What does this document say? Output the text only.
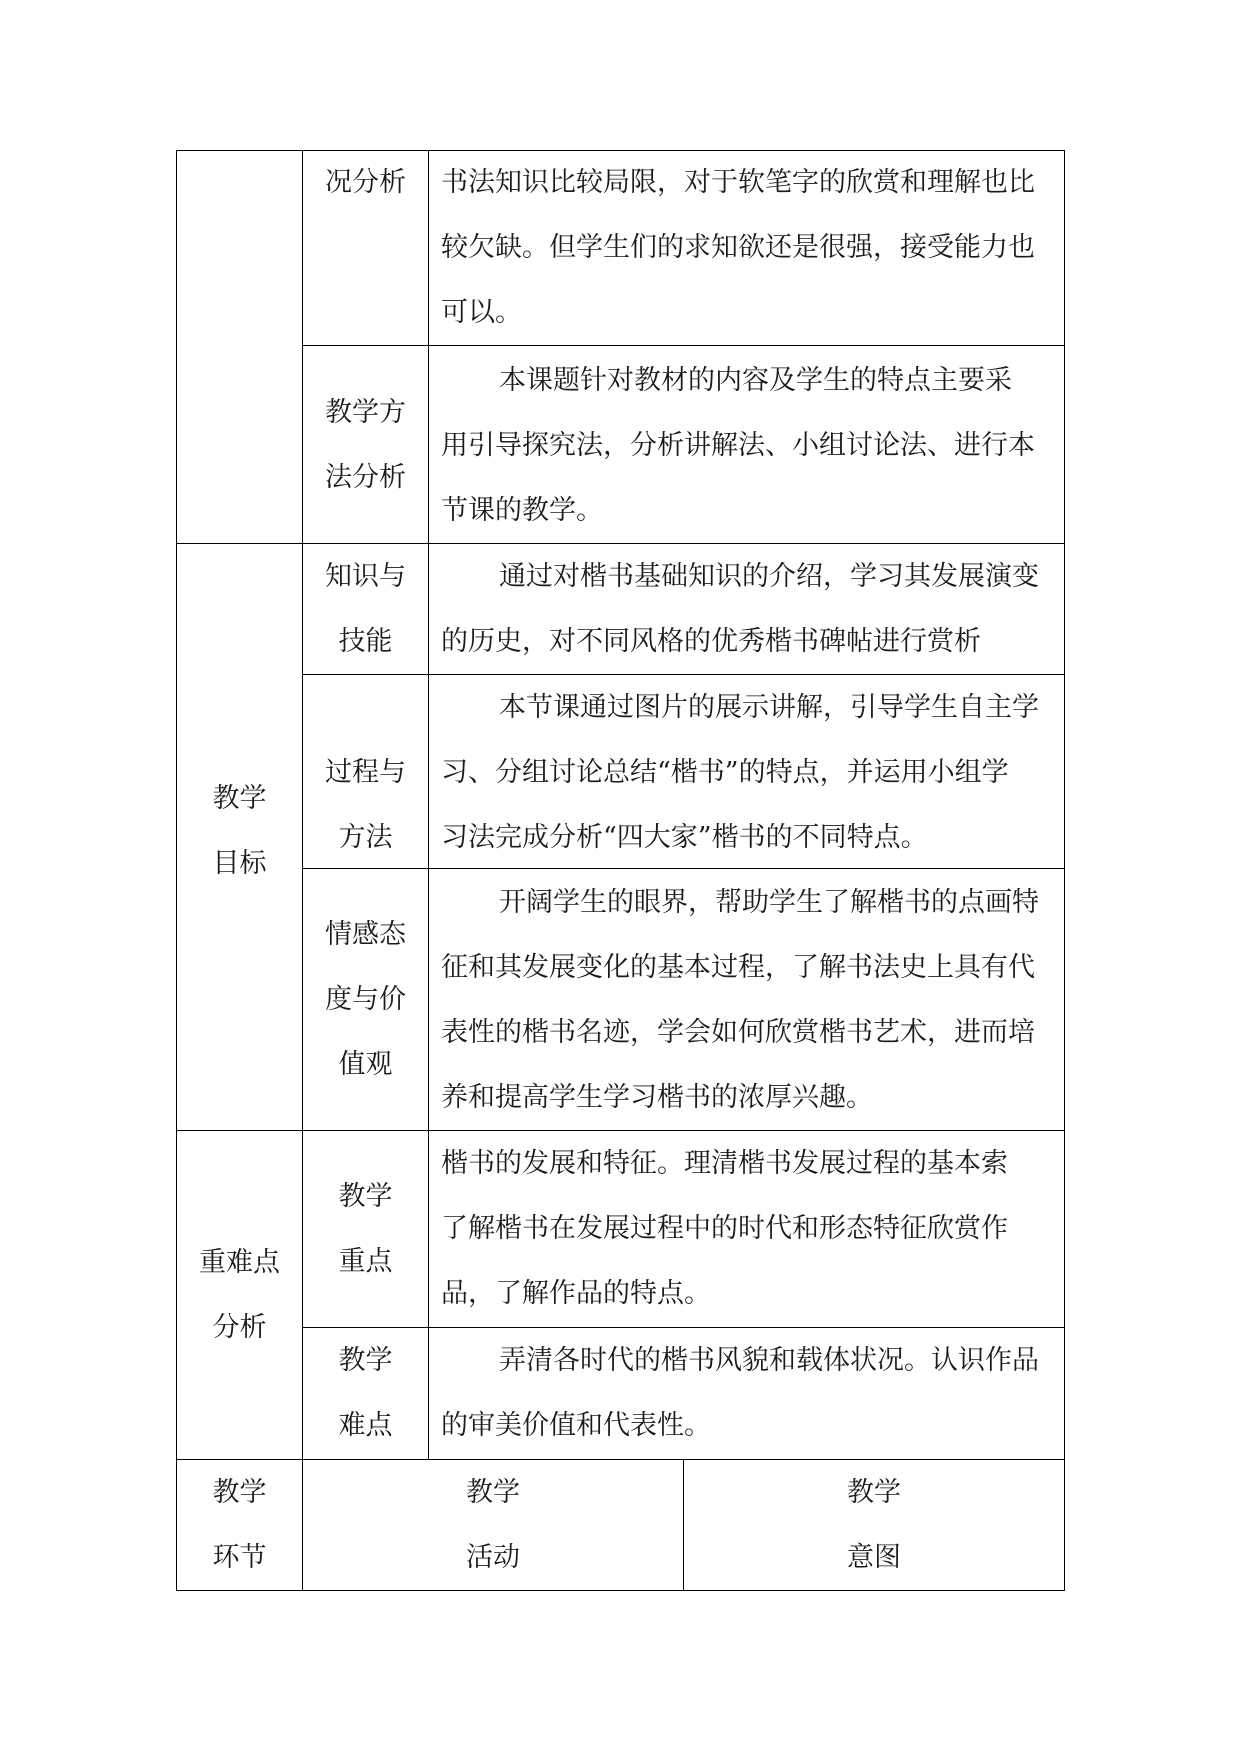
况分析	书法知识比较局限，对于软笔字的欣赏和理解也比
较欠缺。但学生们的求知欲还是很强，接受能力也
可以。
教学方
法分析
本课题针对教材的内容及学生的特点主要采
用引导探究法，分析讲解法、小组讨论法、进行本
节课的教学。
教学
目标
知识与
技能
通过对楷书基础知识的介绍，学习其发展演变
的历史，对不同风格的优秀楷书碑帖进行赏析
过程与
方法
本节课通过图片的展示讲解，引导学生自主学
习、分组讨论总结“楷书”的特点，并运用小组学
习法完成分析“四大家”楷书的不同特点。
情感态
度与价
值观
开阔学生的眼界，帮助学生了解楷书的点画特
征和其发展变化的基本过程，了解书法史上具有代
表性的楷书名迹，学会如何欣赏楷书艺术，进而培
养和提高学生学习楷书的浓厚兴趣。
重难点
分析
教学
重点
楷书的发展和特征。理清楷书发展过程的基本索
了解楷书在发展过程中的时代和形态特征欣赏作
品，了解作品的特点。
教学
难点
弄清各时代的楷书风貌和载体状况。认识作品
的审美价值和代表性。
教学
环节
教学
活动
教学
意图
